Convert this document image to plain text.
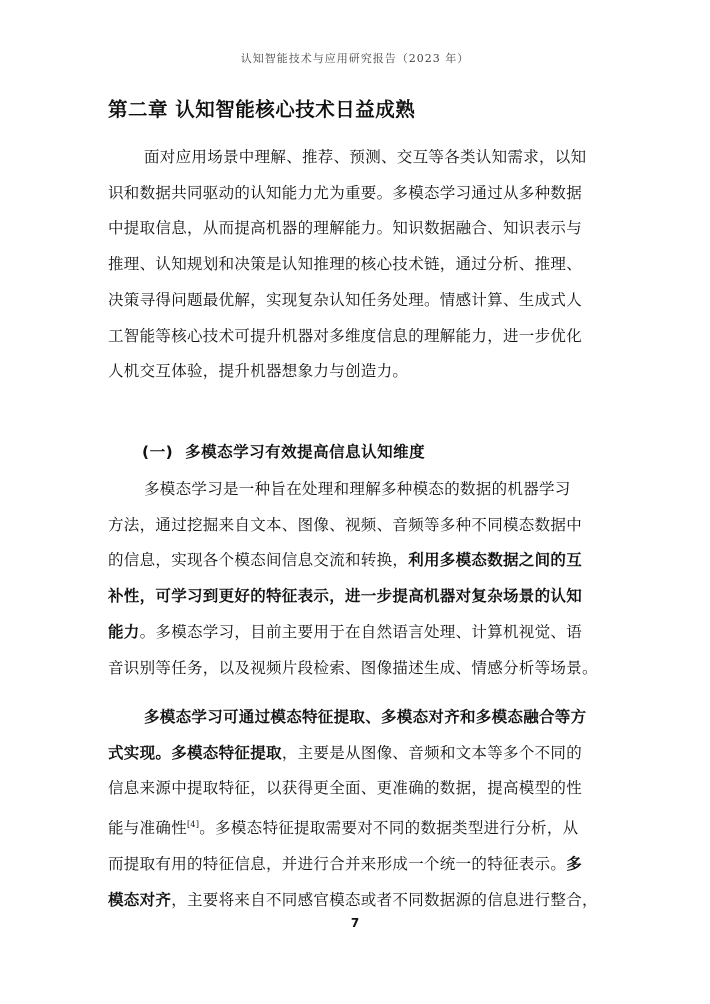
认知智能技术与应用研究报告（2023 年）
第二章 认知智能核心技术日益成熟

面对应用场景中理解、推荐、预测、交互等各类认知需求，以知
识和数据共同驱动的认知能力尤为重要。多模态学习通过从多种数据
中提取信息，从而提高机器的理解能力。知识数据融合、知识表示与
推理、认知规划和决策是认知推理的核心技术链，通过分析、推理、
决策寻得问题最优解，实现复杂认知任务处理。情感计算、生成式人
工智能等核心技术可提升机器对多维度信息的理解能力，进一步优化
人机交互体验，提升机器想象力与创造力。

(一) 多模态学习有效提高信息认知维度

多模态学习是一种旨在处理和理解多种模态的数据的机器学习
方法，通过挖掘来自文本、图像、视频、音频等多种不同模态数据中
的信息，实现各个模态间信息交流和转换，利用多模态数据之间的互
补性，可学习到更好的特征表示，进一步提高机器对复杂场景的认知
能力。多模态学习，目前主要用于在自然语言处理、计算机视觉、语
音识别等任务，以及视频片段检索、图像描述生成、情感分析等场景。

多模态学习可通过模态特征提取、多模态对齐和多模态融合等方
式实现。多模态特征提取，主要是从图像、音频和文本等多个不同的
信息来源中提取特征，以获得更全面、更准确的数据，提高模型的性
能与准确性[4]。多模态特征提取需要对不同的数据类型进行分析，从
而提取有用的特征信息，并进行合并来形成一个统一的特征表示。多
模态对齐，主要将来自不同感官模态或者不同数据源的信息进行整合，

7
